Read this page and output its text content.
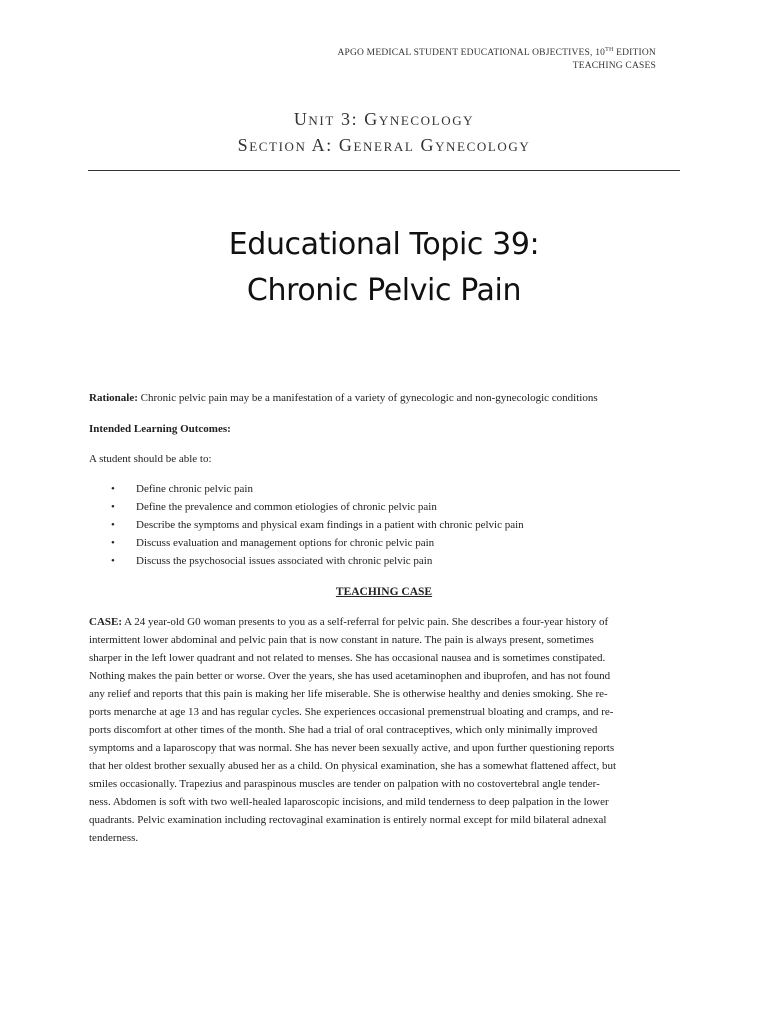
APGO MEDICAL STUDENT EDUCATIONAL OBJECTIVES, 10TH EDITION
TEACHING CASES
Unit 3: Gynecology
Section A: General Gynecology
Educational Topic 39:
Chronic Pelvic Pain
Rationale: Chronic pelvic pain may be a manifestation of a variety of gynecologic and non-gynecologic conditions
Intended Learning Outcomes:
A student should be able to:
• Define chronic pelvic pain
• Define the prevalence and common etiologies of chronic pelvic pain
• Describe the symptoms and physical exam findings in a patient with chronic pelvic pain
• Discuss evaluation and management options for chronic pelvic pain
• Discuss the psychosocial issues associated with chronic pelvic pain
TEACHING CASE

CASE: A 24 year-old G0 woman presents to you as a self-referral for pelvic pain. She describes a four-year history of

intermittent lower abdominal and pelvic pain that is now constant in nature. The pain is always present, sometimes

sharper in the left lower quadrant and not related to menses. She has occasional nausea and is sometimes constipated.

Nothing makes the pain better or worse. Over the years, she has used acetaminophen and ibuprofen, and has not found

any relief and reports that this pain is making her life miserable. She is otherwise healthy and denies smoking. She re-

ports menarche at age 13 and has regular cycles. She experiences occasional premenstrual bloating and cramps, and re-

ports discomfort at other times of the month. She had a trial of oral contraceptives, which only minimally improved

symptoms and a laparoscopy that was normal. She has never been sexually active, and upon further questioning reports

that her oldest brother sexually abused her as a child. On physical examination, she has a somewhat flattened affect, but

smiles occasionally. Trapezius and paraspinous muscles are tender on palpation with no costovertebral angle tender-

ness. Abdomen is soft with two well-healed laparoscopic incisions, and mild tenderness to deep palpation in the lower

quadrants. Pelvic examination including rectovaginal examination is entirely normal except for mild bilateral adnexal

tenderness.
